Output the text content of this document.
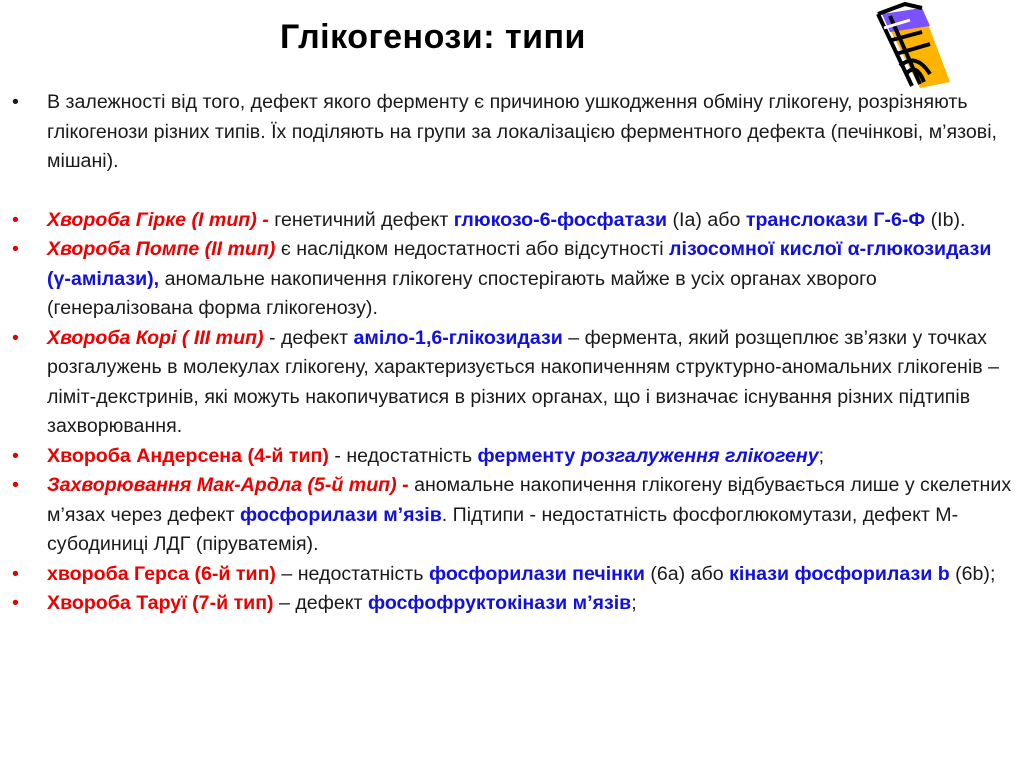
Глікогенози: типи
• В залежності від того, дефект якого ферменту є причиною ушкодження обміну глікогену, розрізняють глікогенози різних типів. Їх поділяють на групи за локалізацією ферментного дефекта (печінкові, м’язові, мішані).
• Хвороба Гірке (І тип) - генетичний дефект глюкозо-6-фосфатази (Іа) або транслокази Г-6-Ф (Іb).
• Хвороба Помпе (ІІ тип) є наслідком недостатності або відсутності лізосомної кислої α-глюкозидази (γ-амілази), аномальне накопичення глікогену спостерігають майже в усіх органах хворого (генералізована форма глікогенозу).
• Хвороба Корі ( ІІІ тип) - дефект аміло-1,6-глікозидази – фермента, який розщеплює зв’язки у точках розгалужень в молекулах глікогену, характеризується накопиченням структурно-аномальних глікогенів – ліміт-декстринів, які можуть накопичуватися в різних органах, що і визначає існування різних підтипів захворювання.
• Хвороба Андерсена (4-й тип) - недостатність ферменту розгалуження глікогену;
• Захворювання Мак-Ардла (5-й тип) - аномальне накопичення глікогену відбувається лише у скелетних м’язах через дефект фосфорилази м’язів. Підтипи - недостатність фосфоглюкомутази, дефект М-субодиниці ЛДГ (піруватемія).
• хвороба Герса (6-й тип) – недостатність фосфорилази печінки (6а) або кінази фосфорилази b (6b);
• Хвороба Таруї (7-й тип) – дефект фосфофруктокінази м’язів;
